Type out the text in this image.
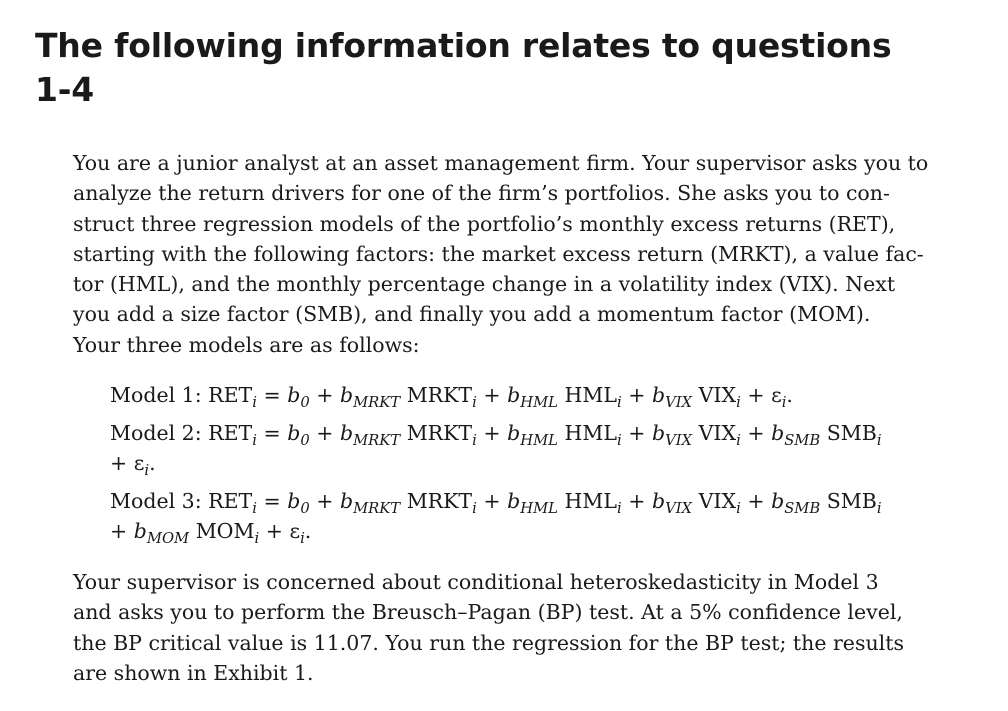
The following information relates to questions
1-4

You are a junior analyst at an asset management firm. Your supervisor asks you to
analyze the return drivers for one of the firm’s portfolios. She asks you to con-
struct three regression models of the portfolio’s monthly excess returns (RET),
starting with the following factors: the market excess return (MRKT), a value fac-
tor (HML), and the monthly percentage change in a volatility index (VIX). Next
you add a size factor (SMB), and finally you add a momentum factor (MOM).
Your three models are as follows:

Model 1: $RET_i = b_0 + b_{MRKT}$ $MRKT_i + b_{HML}$ $HML_i + b_{VIX}$ $VIX_i + \varepsilon_i$.
Model 2: $RET_i = b_0 + b_{MRKT}$ $MRKT_i + b_{HML}$ $HML_i + b_{VIX}$ $VIX_i + b_{SMB}$ $SMB_i$
+ $\varepsilon_i$.
Model 3: $RET_i = b_0 + b_{MRKT}$ $MRKT_i + b_{HML}$ $HML_i + b_{VIX}$ $VIX_i + b_{SMB}$ $SMB_i$
+ $b_{MOM}$ $MOM_i + \varepsilon_i$.

Your supervisor is concerned about conditional heteroskedasticity in Model 3
and asks you to perform the Breusch–Pagan (BP) test. At a 5% confidence level,
the BP critical value is 11.07. You run the regression for the BP test; the results
are shown in Exhibit 1.
